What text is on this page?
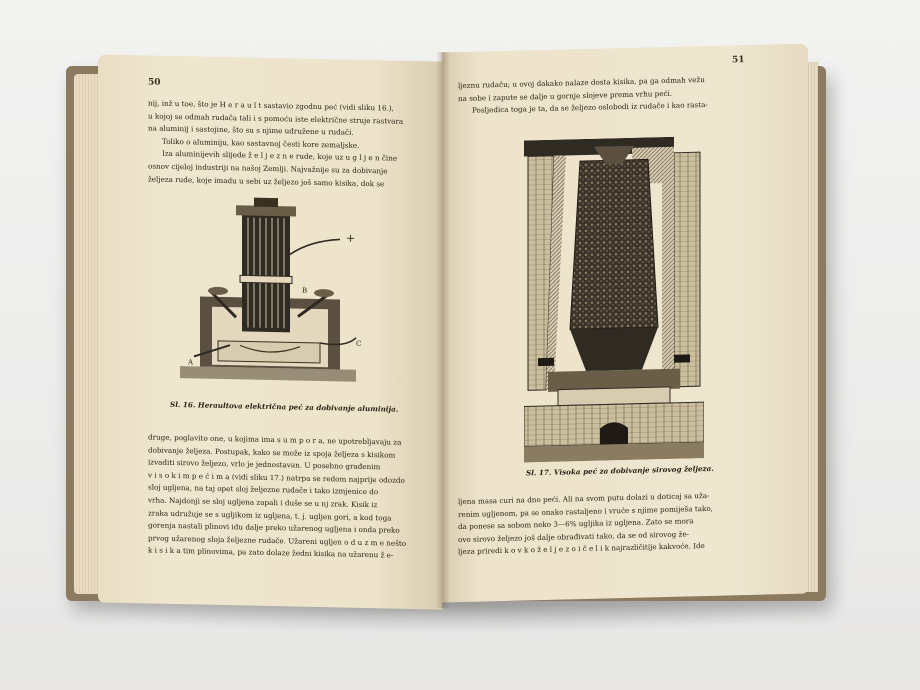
50

nij, inž u toe, što je H e r a u l t sastavio zgodnu peć (vidi sliku 16.),

u kojoj se odmah rudača tali i s pomoću iste električne struje rastvara

na aluminij i sastojine, što su s njime udružene u rudači.

Toliko o aluminiju, kao sastavnoj česti kore zemaljske.

Iza aluminijevih slijede ž e l j e z n e rude, koje uz u g l j e n čine

osnov cijeloj industriji na našoj Zemlji. Najvažnije su za dobivanje

željeza rude, koje imadu u sebi uz željezo još samo kisika, dok se

+
B
C
A
Sl. 16. Heraultova električna peć za dobivanje aluminija.

druge, poglavito one, u kojima ima s u m p o r a, ne upotrebljavaju za

dobivanje željeza. Postupak, kako se može iz spoja željeza s kisikom

izvaditi sirovo željezo, vrlo je jednostavan. U posebno građenim

v i s o k i m p e ć i m a (vidi sliku 17.) natrpa se redom najprije odozdo

sloj ugljena, na taj opet sloj željezne rudače i tako izmjenice do

vrha. Najdonji se sloj ugljena zapali i duše se u nj zrak. Kisik iz

zraka udružuje se s ugljikom iz ugljena, t. j. ugljen gori, a kod toga

gorenja nastali plinovi idu dalje preko užarenog ugljena i onda preko

prvog užarenog sloja željezne rudače. Užareni ugljen o d u z m e nešto

k i s i k a tim plinovima, pa zato dolaze žedni kisika na užarenu ž e-

51

ljeznu rudaču; u ovoj dakako nalaze dosta kisika, pa ga odmah vežu

na sobe i zapute se dalje u gornje slojeve prema vrhu peći.

Posljedica toga je ta, da se željezo oslobodi iz rudače i kao rasta-

Sl. 17. Visoka peć za dobivanje sirovog željeza.

ljena masa curi na dno peći. Ali na svom putu dolazi u doticaj sa uža-

renim ugljenom, pa se onako rastaljeno i vruće s njime pomiješa tako,

da ponese sa sobom neko 3—6% ugljika iz ugljena. Zato se mora

ovo sirovo željezo još dalje obrađivati tako, da se od sirovog že-

ljeza priredi k o v k o ž e l j e z o i č e l i k najrazličitije kakvoće. Ide
